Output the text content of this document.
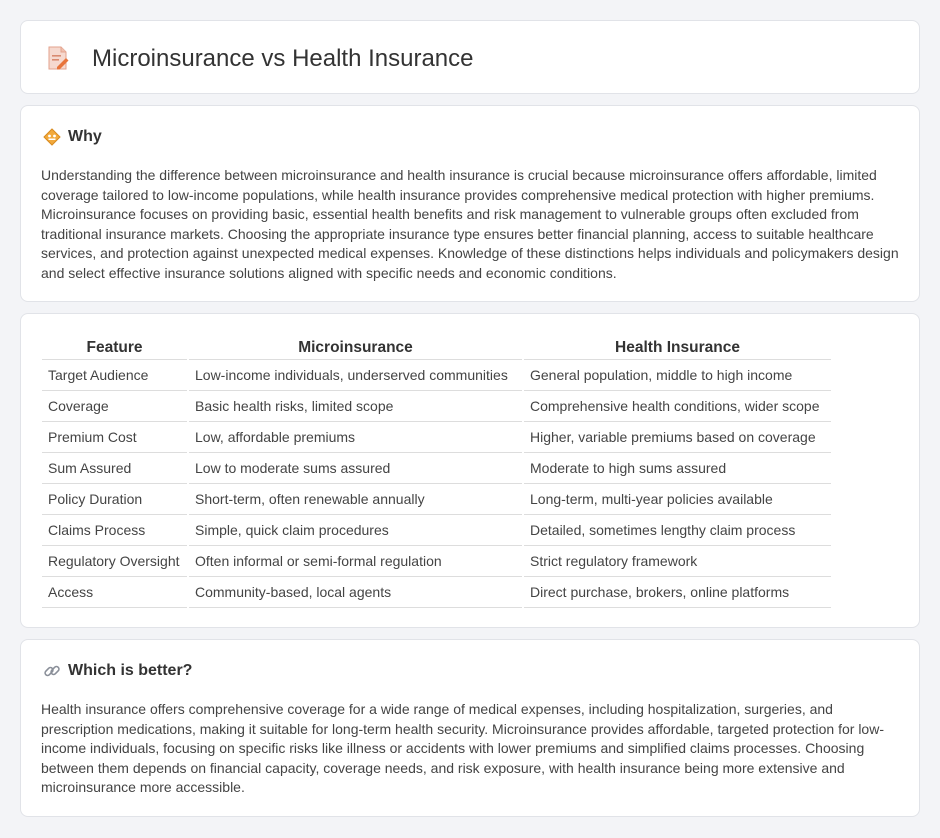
Microinsurance vs Health Insurance
Why

Understanding the difference between microinsurance and health insurance is crucial because microinsurance offers affordable, limited coverage tailored to low-income populations, while health insurance provides comprehensive medical protection with higher premiums. Microinsurance focuses on providing basic, essential health benefits and risk management to vulnerable groups often excluded from traditional insurance markets. Choosing the appropriate insurance type ensures better financial planning, access to suitable healthcare services, and protection against unexpected medical expenses. Knowledge of these distinctions helps individuals and policymakers design and select effective insurance solutions aligned with specific needs and economic conditions.

Feature	Microinsurance	Health Insurance
Target Audience	Low-income individuals, underserved communities	General population, middle to high income
Coverage	Basic health risks, limited scope	Comprehensive health conditions, wider scope
Premium Cost	Low, affordable premiums	Higher, variable premiums based on coverage
Sum Assured	Low to moderate sums assured	Moderate to high sums assured
Policy Duration	Short-term, often renewable annually	Long-term, multi-year policies available
Claims Process	Simple, quick claim procedures	Detailed, sometimes lengthy claim process
Regulatory Oversight	Often informal or semi-formal regulation	Strict regulatory framework
Access	Community-based, local agents	Direct purchase, brokers, online platforms
Which is better?

Health insurance offers comprehensive coverage for a wide range of medical expenses, including hospitalization, surgeries, and prescription medications, making it suitable for long-term health security. Microinsurance provides affordable, targeted protection for low-income individuals, focusing on specific risks like illness or accidents with lower premiums and simplified claims processes. Choosing between them depends on financial capacity, coverage needs, and risk exposure, with health insurance being more extensive and microinsurance more accessible.
